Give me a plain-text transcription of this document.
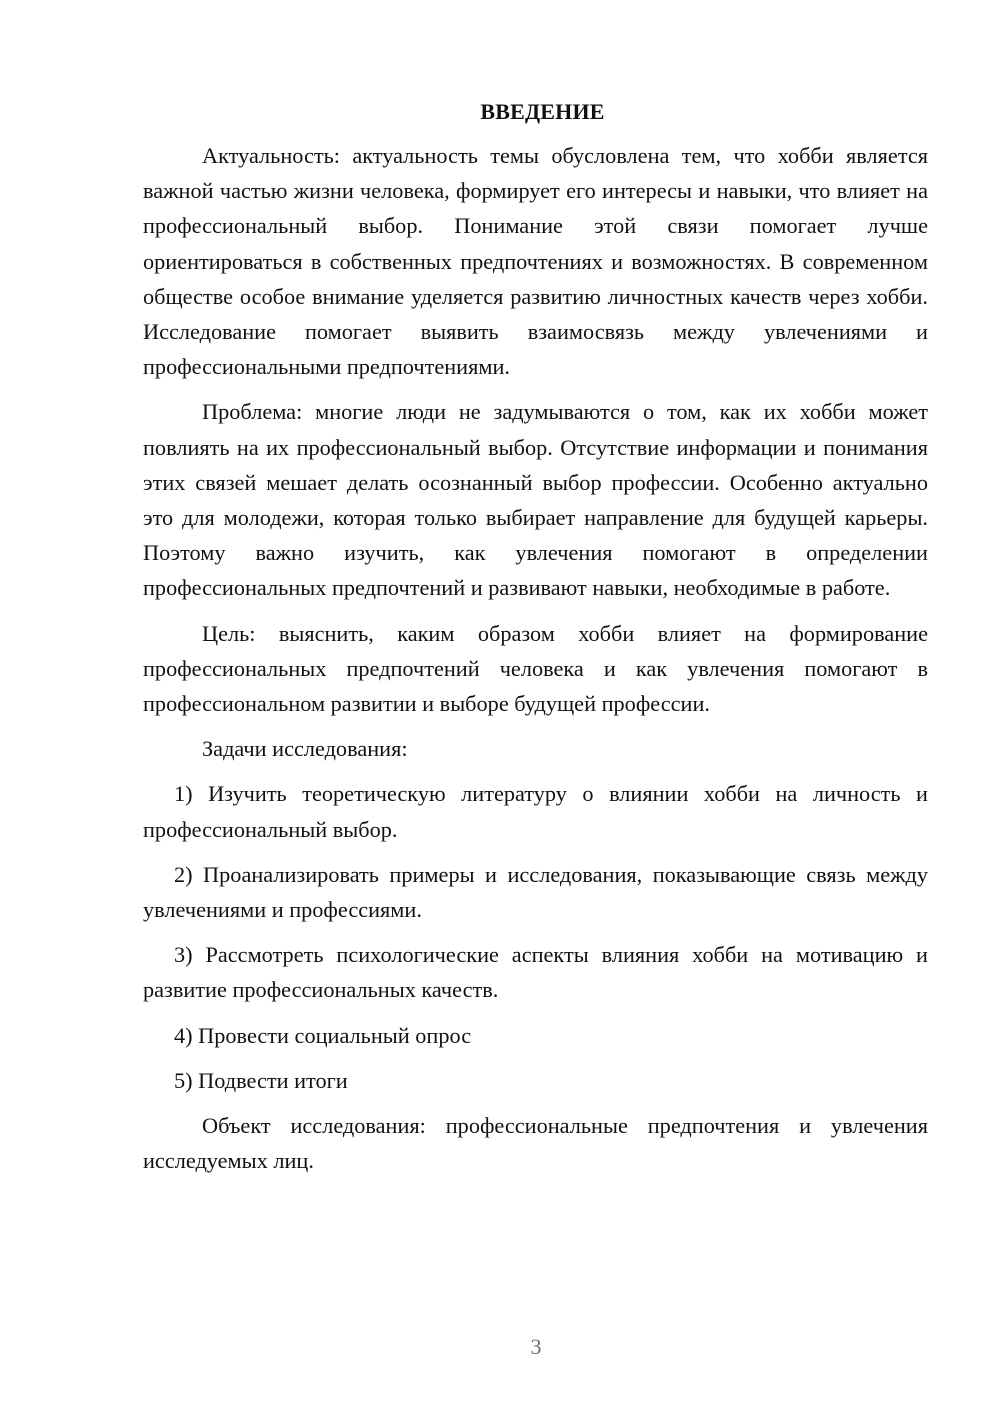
ВВЕДЕНИЕ

Актуальность: актуальность темы обусловлена тем, что хобби является важной частью жизни человека, формирует его интересы и навыки, что влияет на профессиональный выбор. Понимание этой связи помогает лучше ориентироваться в собственных предпочтениях и возможностях. В современном обществе особое внимание уделяется развитию личностных качеств через хобби. Исследование помогает выявить взаимосвязь между увлечениями и профессиональными предпочтениями.

Проблема: многие люди не задумываются о том, как их хобби может повлиять на их профессиональный выбор. Отсутствие информации и понимания этих связей мешает делать осознанный выбор профессии. Особенно актуально это для молодежи, которая только выбирает направление для будущей карьеры. Поэтому важно изучить, как увлечения помогают в определении профессиональных предпочтений и развивают навыки, необходимые в работе.

Цель: выяснить, каким образом хобби влияет на формирование профессиональных предпочтений человека и как увлечения помогают в профессиональном развитии и выборе будущей профессии.

Задачи исследования:

1) Изучить теоретическую литературу о влиянии хобби на личность и профессиональный выбор.
2) Проанализировать примеры и исследования, показывающие связь между увлечениями и профессиями.
3) Рассмотреть психологические аспекты влияния хобби на мотивацию и развитие профессиональных качеств.
4) Провести социальный опрос
5) Подвести итоги

Объект исследования: профессиональные предпочтения и увлечения исследуемых лиц.

3
